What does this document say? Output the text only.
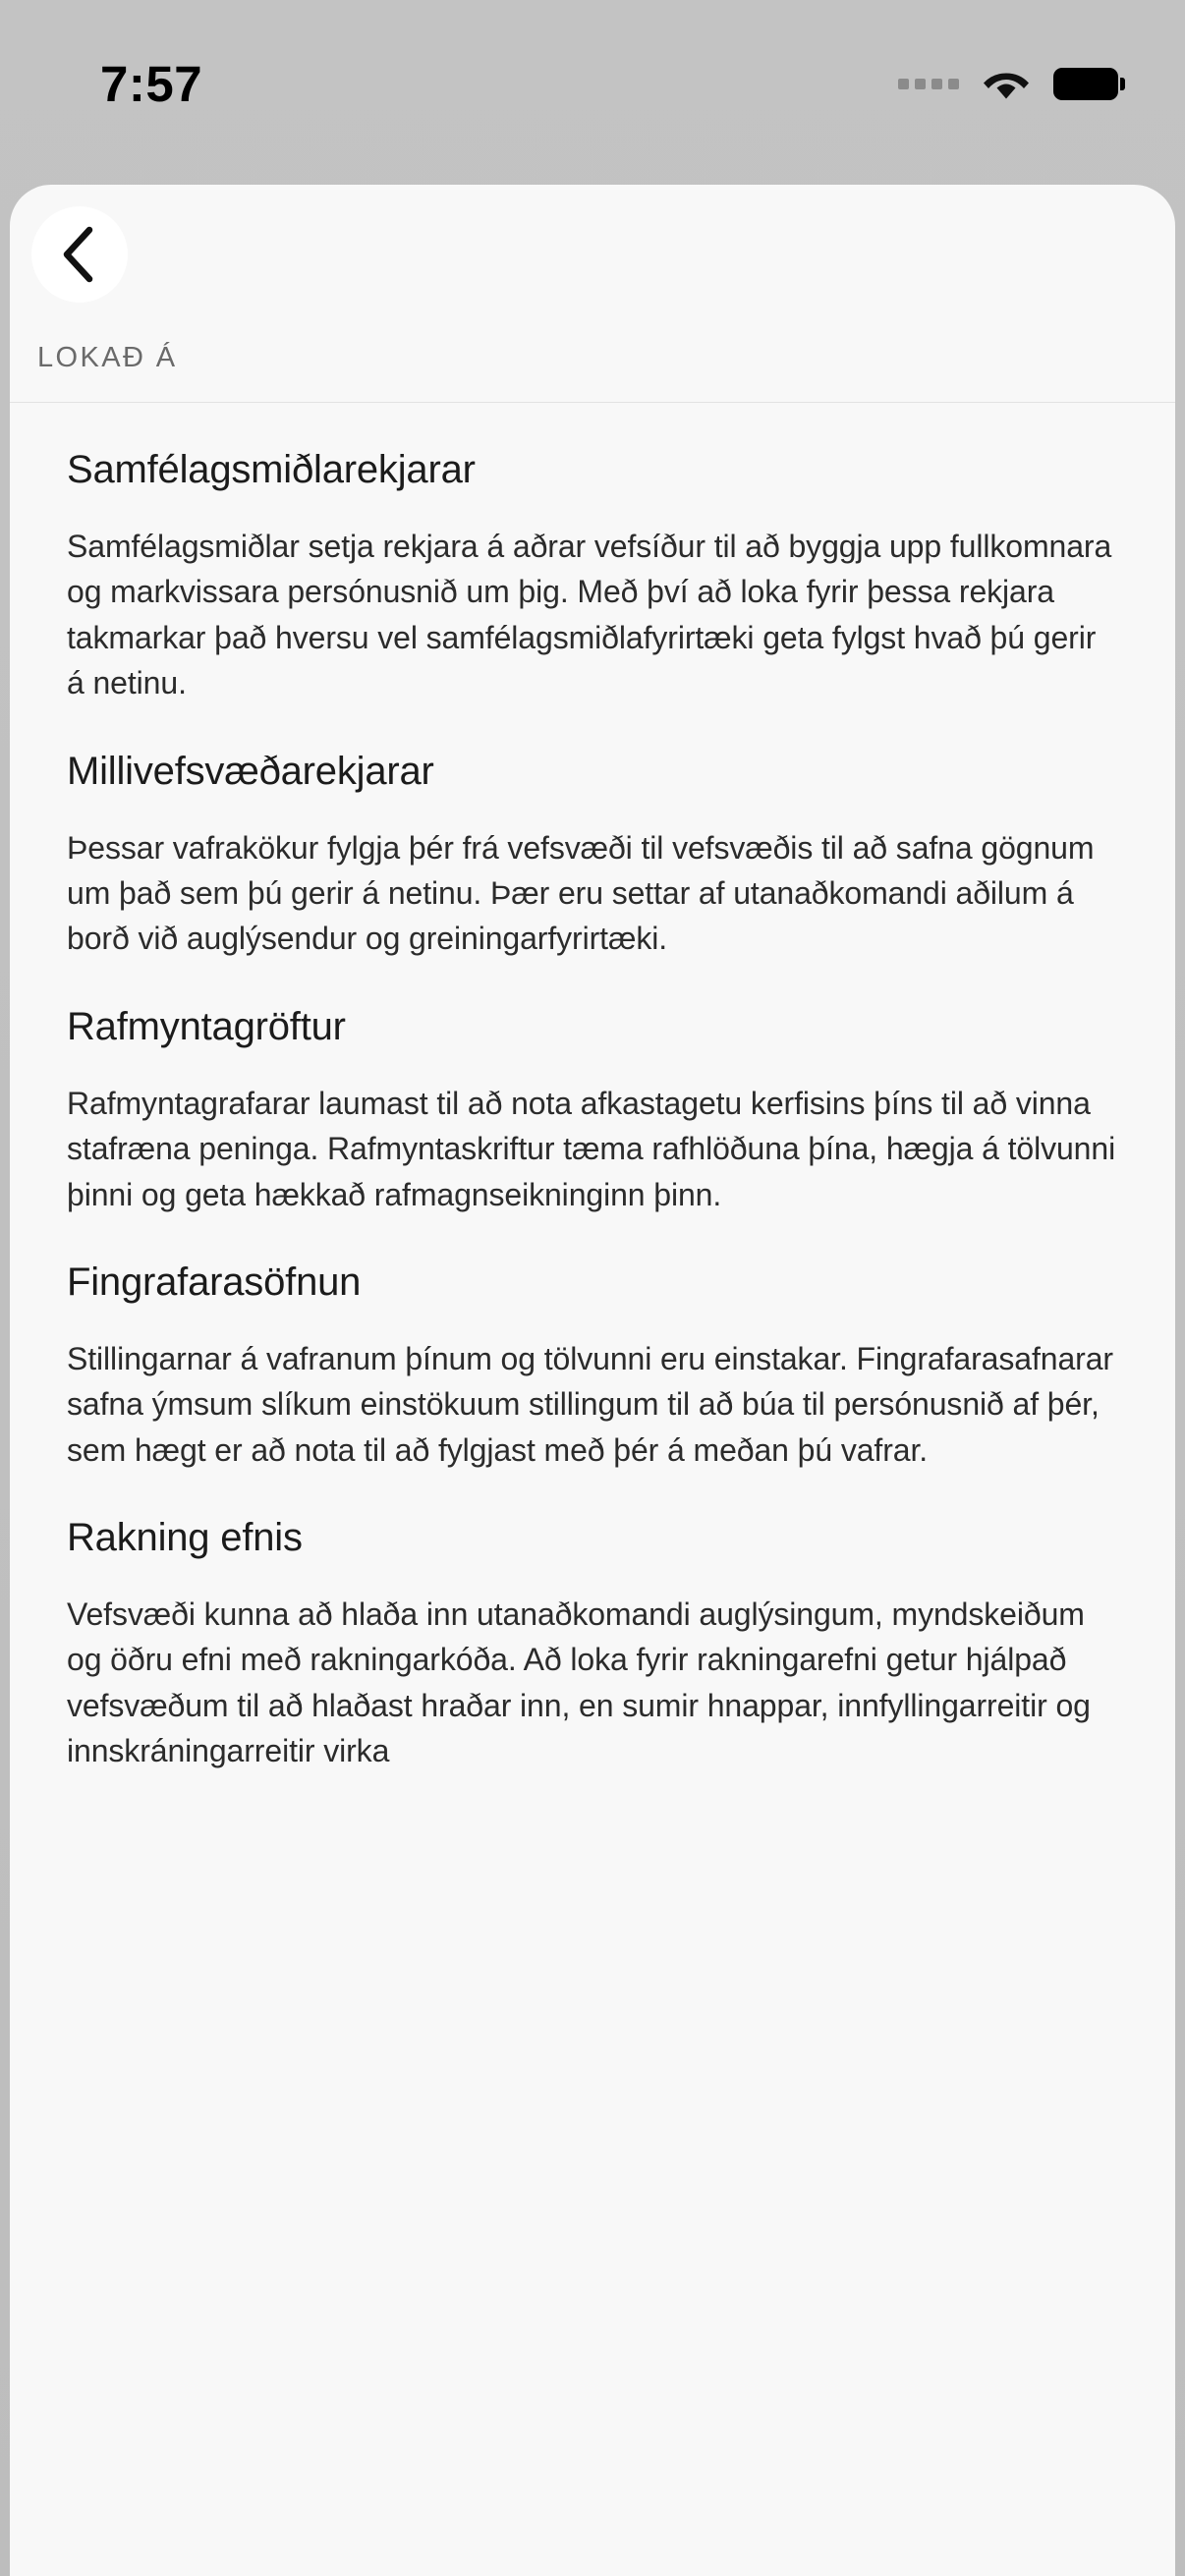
7:57
LOKAÐ Á
Samfélagsmiðlarekjarar

Samfélagsmiðlar setja rekjara á aðrar vefsíður til að byggja upp fullkomnara og markvissara persónusnið um þig. Með því að loka fyrir þessa rekjara takmarkar það hversu vel samfélagsmiðlafyrirtæki geta fylgst hvað þú gerir á netinu.

Millivefsvæðarekjarar

Þessar vafrakökur fylgja þér frá vefsvæði til vefsvæðis til að safna gögnum um það sem þú gerir á netinu. Þær eru settar af utanaðkomandi aðilum á borð við auglýsendur og greiningarfyrirtæki.

Rafmyntagröftur

Rafmyntagrafarar laumast til að nota afkastagetu kerfisins þíns til að vinna stafræna peninga. Rafmyntaskriftur tæma rafhlöðuna þína, hægja á tölvunni þinni og geta hækkað rafmagnseikninginn þinn.

Fingrafarasöfnun

Stillingarnar á vafranum þínum og tölvunni eru einstakar. Fingrafarasafnarar safna ýmsum slíkum einstökuum stillingum til að búa til persónusnið af þér, sem hægt er að nota til að fylgjast með þér á meðan þú vafrar.

Rakning efnis

Vefsvæði kunna að hlaða inn utanaðkomandi auglýsingum, myndskeiðum og öðru efni með rakningarkóða. Að loka fyrir rakningarefni getur hjálpað vefsvæðum til að hlaðast hraðar inn, en sumir hnappar, innfyllingarreitir og innskráningarreitir virka
